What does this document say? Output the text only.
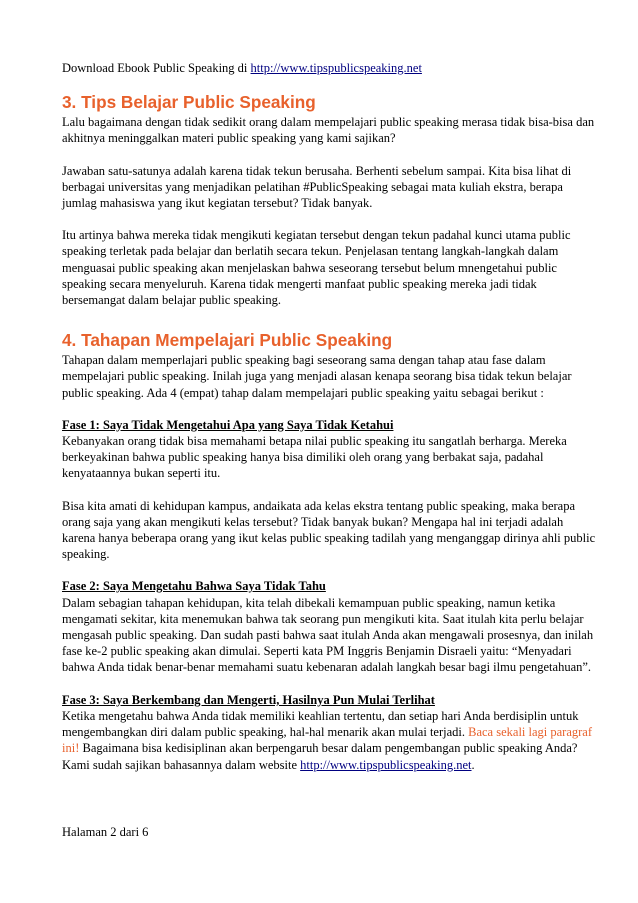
Download Ebook Public Speaking di http://www.tipspublicspeaking.net
3. Tips Belajar Public Speaking

Lalu bagaimana dengan tidak sedikit orang dalam mempelajari public speaking merasa tidak bisa-bisa dan akhitnya meninggalkan materi public speaking yang kami sajikan?

Jawaban satu-satunya adalah karena tidak tekun berusaha. Berhenti sebelum sampai. Kita bisa lihat di berbagai universitas yang menjadikan pelatihan #PublicSpeaking sebagai mata kuliah ekstra, berapa jumlag mahasiswa yang ikut kegiatan tersebut? Tidak banyak.

Itu artinya bahwa mereka tidak mengikuti kegiatan tersebut dengan tekun padahal kunci utama public speaking terletak pada belajar dan berlatih secara tekun. Penjelasan tentang langkah-langkah dalam menguasai public speaking akan menjelaskan bahwa seseorang tersebut belum mnengetahui public speaking secara menyeluruh. Karena tidak mengerti manfaat public speaking mereka jadi tidak bersemangat dalam belajar public speaking.

4. Tahapan Mempelajari Public Speaking

Tahapan dalam memperlajari public speaking bagi seseorang sama dengan tahap atau fase dalam mempelajari public speaking. Inilah juga yang menjadi alasan kenapa seorang bisa tidak tekun belajar public speaking. Ada 4 (empat) tahap dalam mempelajari public speaking yaitu sebagai berikut :

Fase 1: Saya Tidak Mengetahui Apa yang Saya Tidak Ketahui
Kebanyakan orang tidak bisa memahami betapa nilai public speaking itu sangatlah berharga. Mereka berkeyakinan bahwa public speaking hanya bisa dimiliki oleh orang yang berbakat saja, padahal kenyataannya bukan seperti itu.

Bisa kita amati di kehidupan kampus, andaikata ada kelas ekstra tentang public speaking, maka berapa orang saja yang akan mengikuti kelas tersebut? Tidak banyak bukan? Mengapa hal ini terjadi adalah karena hanya beberapa orang yang ikut kelas public speaking tadilah yang menganggap dirinya ahli public speaking.

Fase 2: Saya Mengetahu Bahwa Saya Tidak Tahu
Dalam sebagian tahapan kehidupan, kita telah dibekali kemampuan public speaking, namun ketika mengamati sekitar, kita menemukan bahwa tak seorang pun mengikuti kita. Saat itulah kita perlu belajar mengasah public speaking. Dan sudah pasti bahwa saat itulah Anda akan mengawali prosesnya, dan inilah fase ke-2 public speaking akan dimulai. Seperti kata PM Inggris Benjamin Disraeli yaitu: “Menyadari bahwa Anda tidak benar-benar memahami suatu kebenaran adalah langkah besar bagi ilmu pengetahuan”.

Fase 3: Saya Berkembang dan Mengerti, Hasilnya Pun Mulai Terlihat
Ketika mengetahu bahwa Anda tidak memiliki keahlian tertentu, dan setiap hari Anda berdisiplin untuk mengembangkan diri dalam public speaking, hal-hal menarik akan mulai terjadi. Baca sekali lagi paragraf ini! Bagaimana bisa kedisiplinan akan berpengaruh besar dalam pengembangan public speaking Anda? Kami sudah sajikan bahasannya dalam website http://www.tipspublicspeaking.net.

Halaman 2 dari 6
